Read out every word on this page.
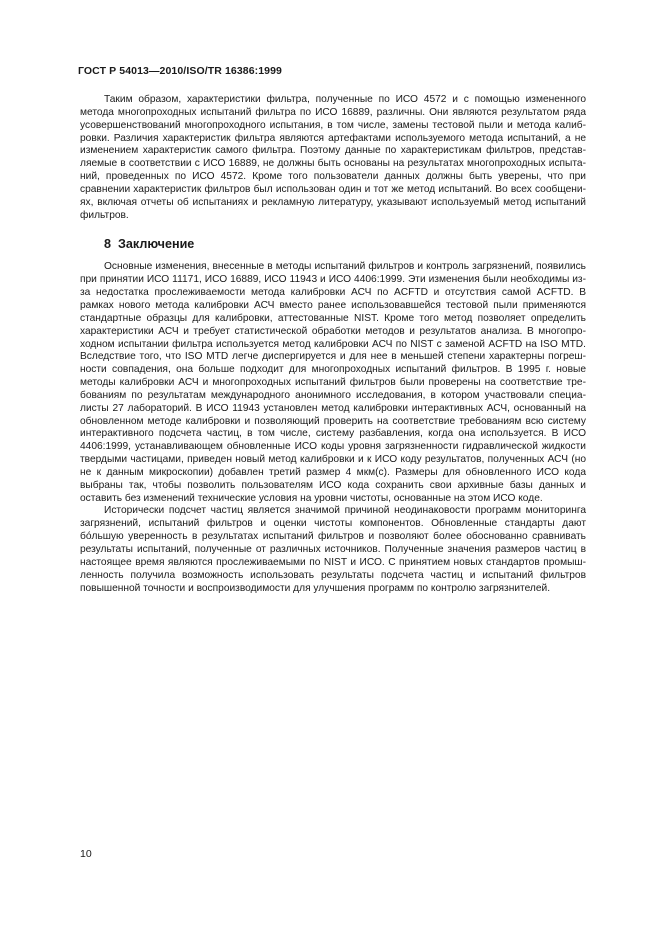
ГОСТ Р 54013—2010/ISO/TR 16386:1999

Таким образом, характеристики фильтра, полученные по ИСО 4572 и с помощью измененного метода многопроходных испытаний фильтра по ИСО 16889, различны. Они являются результатом ряда усовершенствований многопроходного испытания, в том числе, замены тестовой пыли и метода калибровки. Различия характеристик фильтра являются артефактами используемого метода испытаний, а не изменением характеристик самого фильтра. Поэтому данные по характеристикам фильтров, представляемые в соответствии с ИСО 16889, не должны быть основаны на результатах многопроходных испытаний, проведенных по ИСО 4572. Кроме того пользователи данных должны быть уверены, что при сравнении характеристик фильтров был использован один и тот же метод испытаний. Во всех сообщениях, включая отчеты об испытаниях и рекламную литературу, указывают используемый метод испытаний фильтров.

8 Заключение

Основные изменения, внесенные в методы испытаний фильтров и контроль загрязнений, появились при принятии ИСО 11171, ИСО 16889, ИСО 11943 и ИСО 4406:1999. Эти изменения были необходимы из-за недостатка прослеживаемости метода калибровки АСЧ по ACFTD и отсутствия самой ACFTD. В рамках нового метода калибровки АСЧ вместо ранее использовавшейся тестовой пыли применяются стандартные образцы для калибровки, аттестованные NIST. Кроме того метод позволяет определить характеристики АСЧ и требует статистической обработки методов и результатов анализа. В многопроходном испытании фильтра используется метод калибровки АСЧ по NIST с заменой ACFTD на ISO MTD. Вследствие того, что ISO MTD легче диспергируется и для нее в меньшей степени характерны погрешности совпадения, она больше подходит для многопроходных испытаний фильтров. В 1995 г. новые методы калибровки АСЧ и многопроходных испытаний фильтров были проверены на соответствие требованиям по результатам международного анонимного исследования, в котором участвовали специалисты 27 лабораторий. В ИСО 11943 установлен метод калибровки интерактивных АСЧ, основанный на обновленном методе калибровки и позволяющий проверить на соответствие требованиям всю систему интерактивного подсчета частиц, в том числе, систему разбавления, когда она используется. В ИСО 4406:1999, устанавливающем обновленные ИСО коды уровня загрязненности гидравлической жидкости твердыми частицами, приведен новый метод калибровки и к ИСО коду результатов, полученных АСЧ (но не к данным микроскопии) добавлен третий размер 4 мкм(с). Размеры для обновленного ИСО кода выбраны так, чтобы позволить пользователям ИСО кода сохранить свои архивные базы данных и оставить без изменений технические условия на уровни чистоты, основанные на этом ИСО коде.

Исторически подсчет частиц является значимой причиной неодинаковости программ мониторинга загрязнений, испытаний фильтров и оценки чистоты компонентов. Обновленные стандарты дают бо́льшую уверенность в результатах испытаний фильтров и позволяют более обоснованно сравнивать результаты испытаний, полученные от различных источников. Полученные значения размеров частиц в настоящее время являются прослеживаемыми по NIST и ИСО. С принятием новых стандартов промышленность получила возможность использовать результаты подсчета частиц и испытаний фильтров повышенной точности и воспроизводимости для улучшения программ по контролю загрязнителей.

10
